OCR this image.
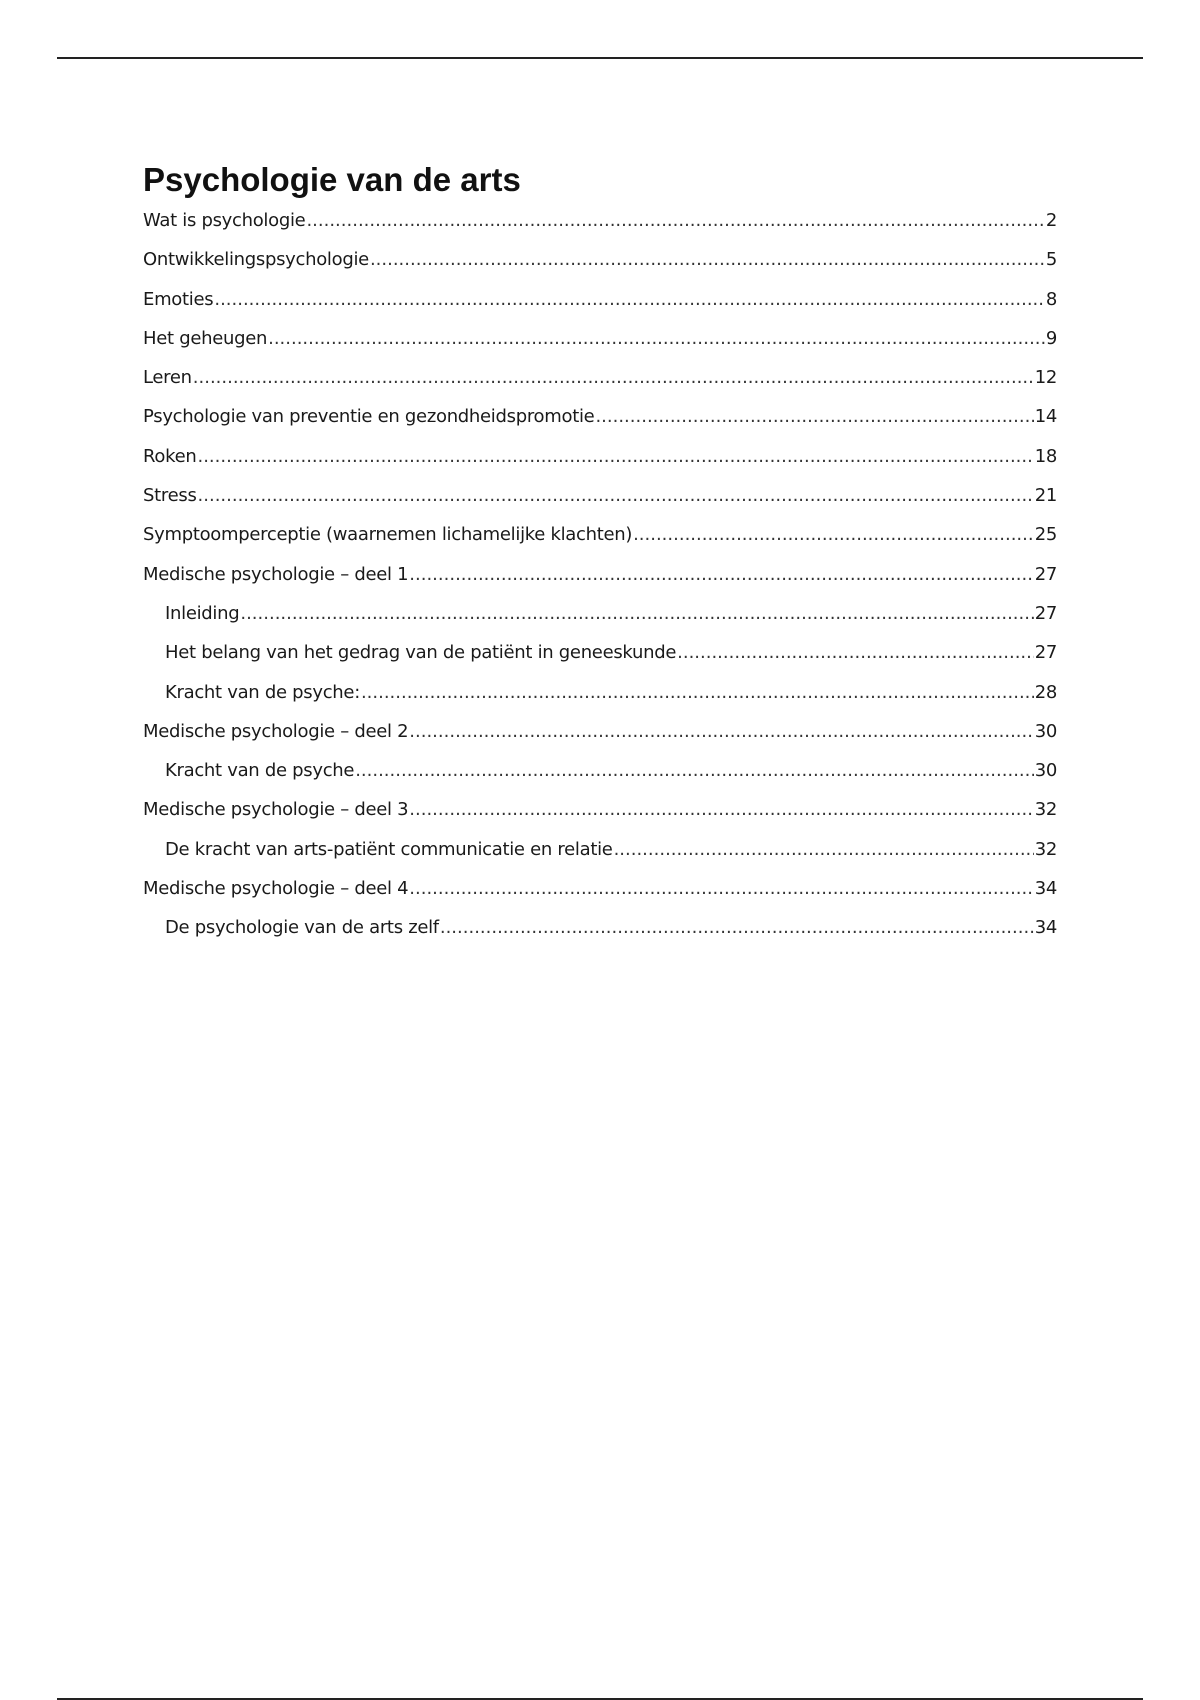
Psychologie van de arts
Wat is psychologie .....	2
Ontwikkelingspsychologie .....	5
Emoties .....	8
Het geheugen .....	9
Leren .....	12
Psychologie van preventie en gezondheidspromotie .....	14
Roken .....	18
Stress .....	21
Symptoomperceptie (waarnemen lichamelijke klachten) .....	25
Medische psychologie – deel 1 .....	27
Inleiding .....	27
Het belang van het gedrag van de patiënt in geneeskunde .....	27
Kracht van de psyche: .....	28
Medische psychologie – deel 2 .....	30
Kracht van de psyche .....	30
Medische psychologie – deel 3 .....	32
De kracht van arts-patiënt communicatie en relatie .....	32
Medische psychologie – deel 4 .....	34
De psychologie van de arts zelf .....	34
